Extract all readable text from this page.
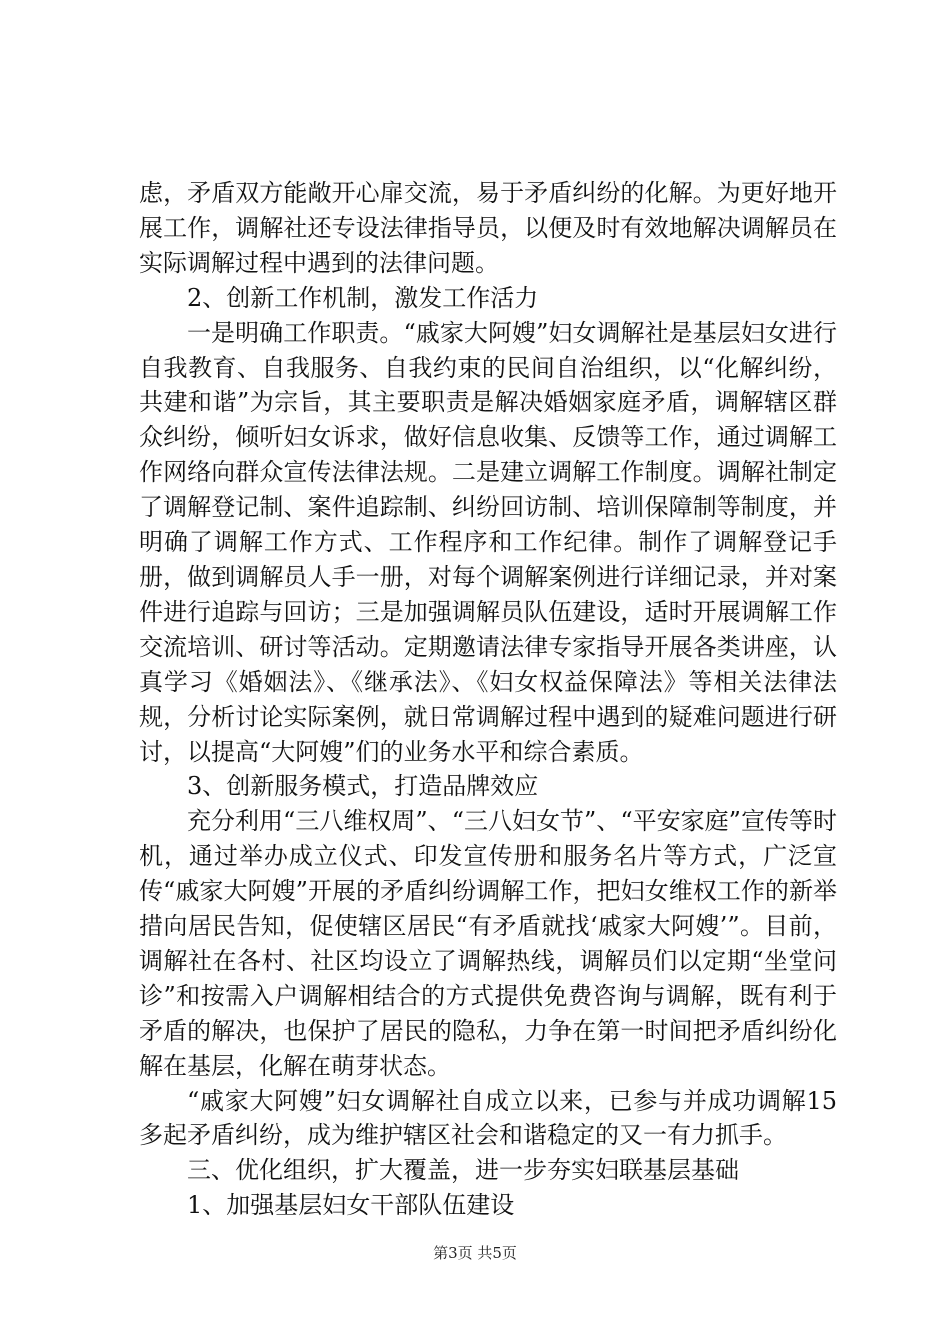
虑，矛盾双方能敞开心扉交流，易于矛盾纠纷的化解。为更好地开展工作，调解社还专设法律指导员，以便及时有效地解决调解员在实际调解过程中遇到的法律问题。

2、创新工作机制，激发工作活力

一是明确工作职责。“戚家大阿嫂”妇女调解社是基层妇女进行自我教育、自我服务、自我约束的民间自治组织，以“化解纠纷，共建和谐”为宗旨，其主要职责是解决婚姻家庭矛盾，调解辖区群众纠纷，倾听妇女诉求，做好信息收集、反馈等工作，通过调解工作网络向群众宣传法律法规。二是建立调解工作制度。调解社制定了调解登记制、案件追踪制、纠纷回访制、培训保障制等制度，并明确了调解工作方式、工作程序和工作纪律。制作了调解登记手册，做到调解员人手一册，对每个调解案例进行详细记录，并对案件进行追踪与回访；三是加强调解员队伍建设，适时开展调解工作交流培训、研讨等活动。定期邀请法律专家指导开展各类讲座，认真学习《婚姻法》、《继承法》、《妇女权益保障法》等相关法律法规，分析讨论实际案例，就日常调解过程中遇到的疑难问题进行研讨，以提高“大阿嫂”们的业务水平和综合素质。

3、创新服务模式，打造品牌效应

充分利用“三八维权周”、“三八妇女节”、“平安家庭”宣传等时机，通过举办成立仪式、印发宣传册和服务名片等方式，广泛宣传“戚家大阿嫂”开展的矛盾纠纷调解工作，把妇女维权工作的新举措向居民告知，促使辖区居民“有矛盾就找‘戚家大阿嫂’”。目前，调解社在各村、社区均设立了调解热线，调解员们以定期“坐堂问诊”和按需入户调解相结合的方式提供免费咨询与调解，既有利于矛盾的解决，也保护了居民的隐私，力争在第一时间把矛盾纠纷化解在基层，化解在萌芽状态。

“戚家大阿嫂”妇女调解社自成立以来，已参与并成功调解15多起矛盾纠纷，成为维护辖区社会和谐稳定的又一有力抓手。

三、优化组织，扩大覆盖，进一步夯实妇联基层基础

1、加强基层妇女干部队伍建设

第3页 共5页
